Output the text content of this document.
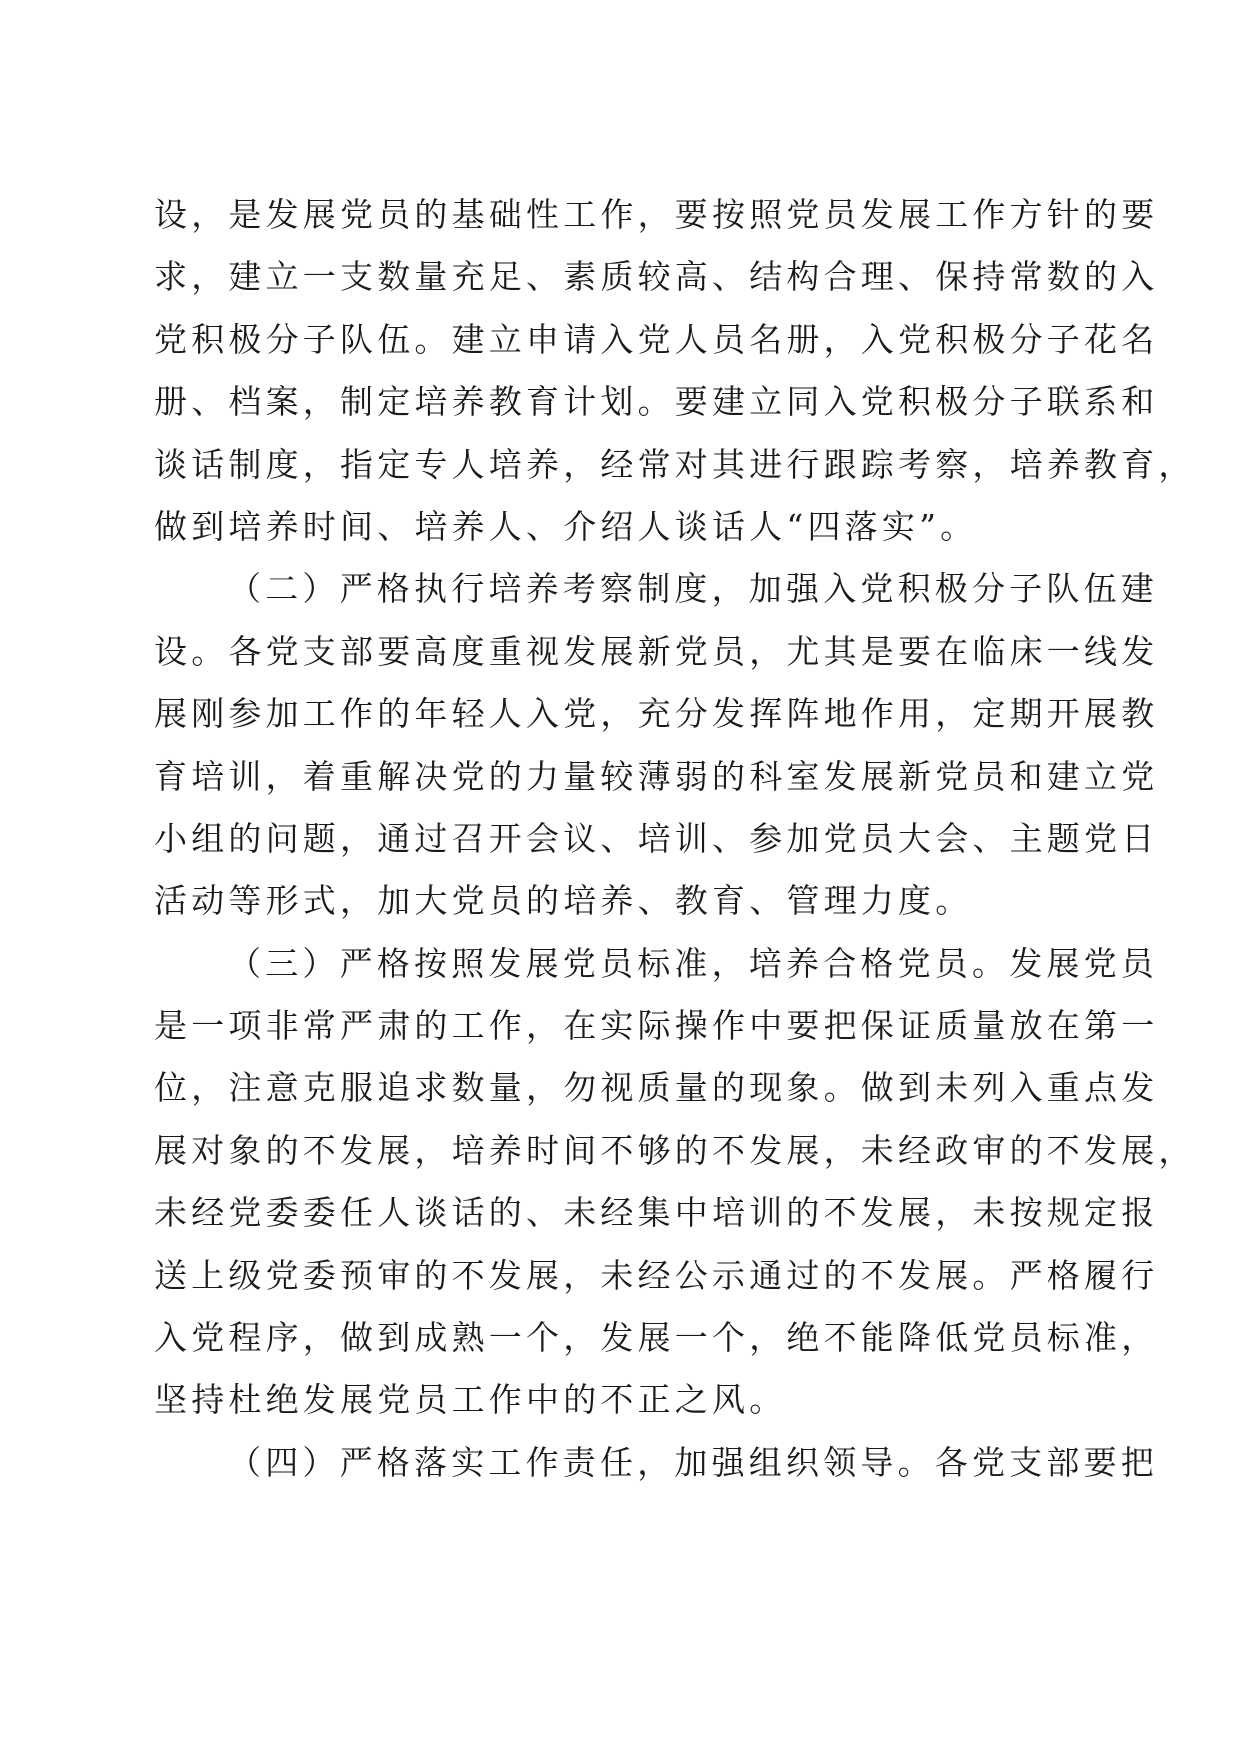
设，是发展党员的基础性工作，要按照党员发展工作方针的要
求，建立一支数量充足、素质较高、结构合理、保持常数的入
党积极分子队伍。建立申请入党人员名册，入党积极分子花名
册、档案，制定培养教育计划。要建立同入党积极分子联系和
谈话制度，指定专人培养，经常对其进行跟踪考察，培养教育，
做到培养时间、培养人、介绍人谈话人“四落实”。
（二）严格执行培养考察制度，加强入党积极分子队伍建
设。各党支部要高度重视发展新党员，尤其是要在临床一线发
展刚参加工作的年轻人入党，充分发挥阵地作用，定期开展教
育培训，着重解决党的力量较薄弱的科室发展新党员和建立党
小组的问题，通过召开会议、培训、参加党员大会、主题党日
活动等形式，加大党员的培养、教育、管理力度。
（三）严格按照发展党员标准，培养合格党员。发展党员
是一项非常严肃的工作，在实际操作中要把保证质量放在第一
位，注意克服追求数量，勿视质量的现象。做到未列入重点发
展对象的不发展，培养时间不够的不发展，未经政审的不发展，
未经党委委任人谈话的、未经集中培训的不发展，未按规定报
送上级党委预审的不发展，未经公示通过的不发展。严格履行
入党程序，做到成熟一个，发展一个，绝不能降低党员标准，
坚持杜绝发展党员工作中的不正之风。
（四）严格落实工作责任，加强组织领导。各党支部要把
